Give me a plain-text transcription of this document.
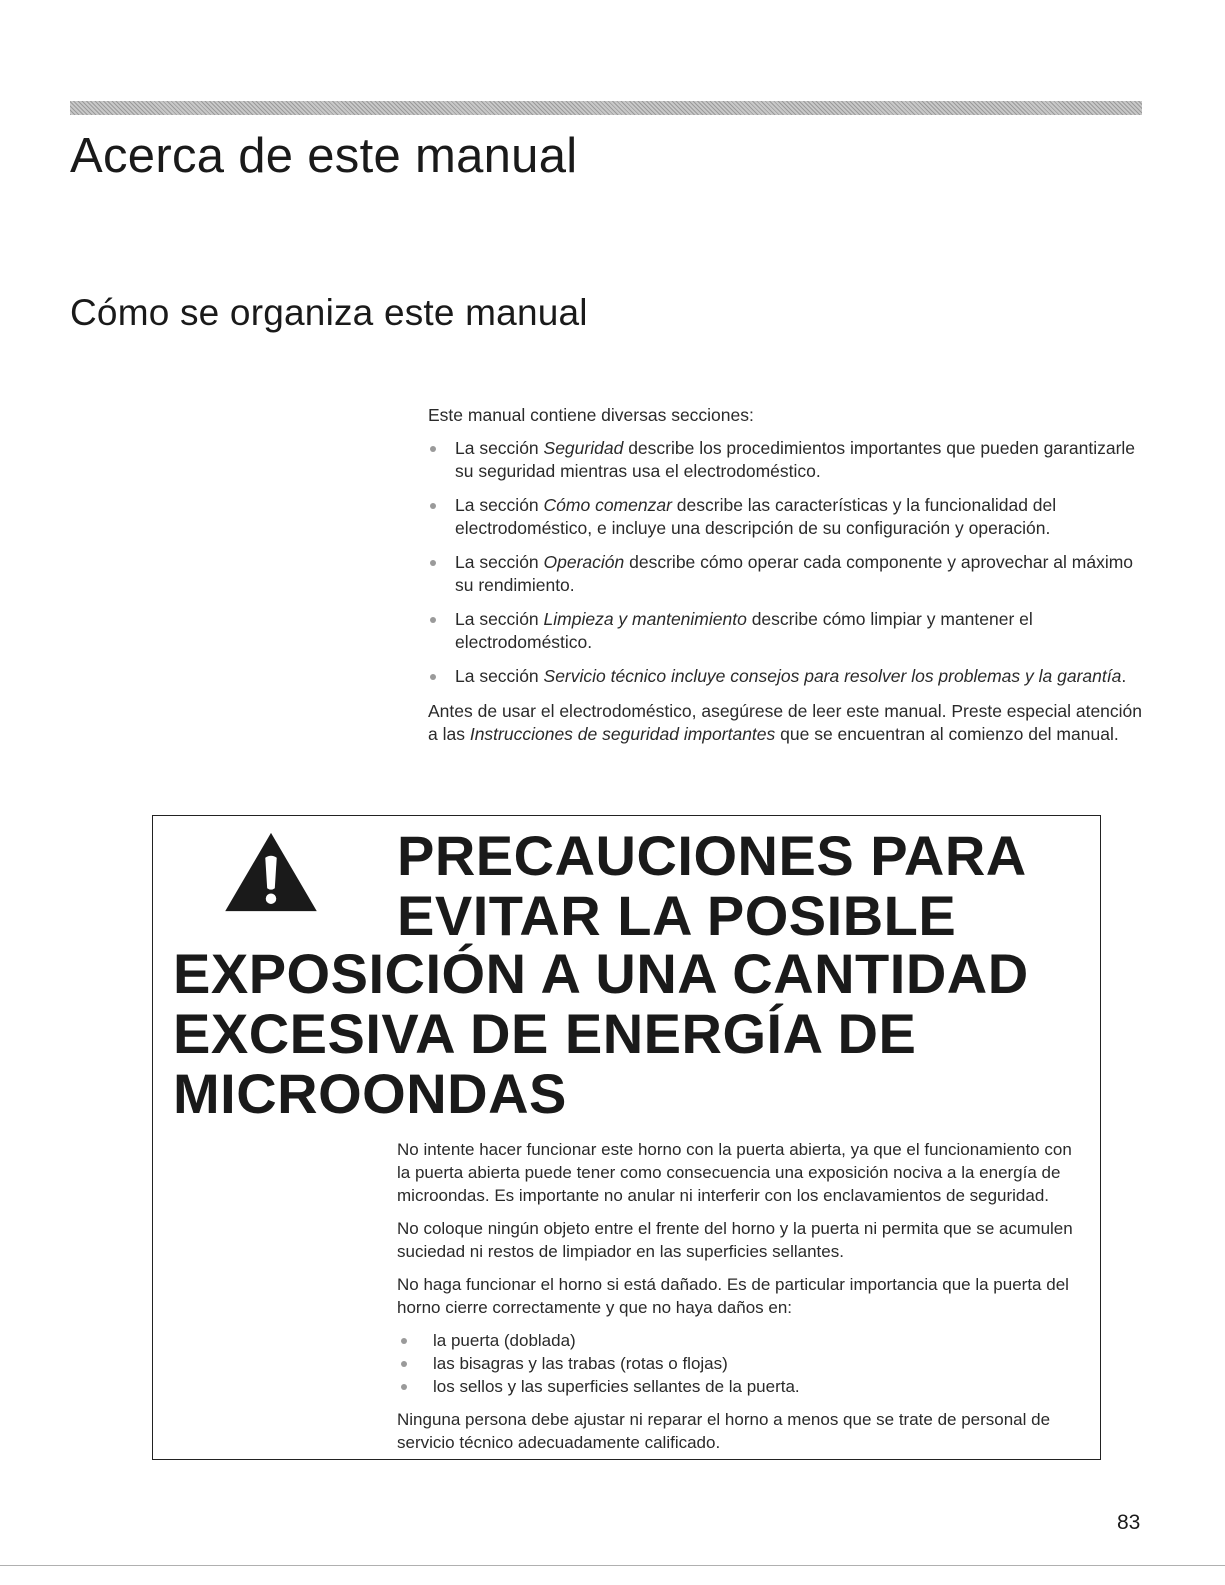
Acerca de este manual
Cómo se organiza este manual

Este manual contiene diversas secciones:

La sección Seguridad describe los procedimientos importantes que pueden garantizarle su seguridad mientras usa el electrodoméstico.
La sección Cómo comenzar describe las características y la funcionalidad del electrodoméstico, e incluye una descripción de su configuración y operación.
La sección Operación describe cómo operar cada componente y aprovechar al máximo su rendimiento.
La sección Limpieza y mantenimiento describe cómo limpiar y mantener el electrodoméstico.
La sección Servicio técnico incluye consejos para resolver los problemas y la garantía.

Antes de usar el electrodoméstico, asegúrese de leer este manual. Preste especial atención a las Instrucciones de seguridad importantes que se encuentran al comienzo del manual.

PRECAUCIONES PARA
EVITAR LA POSIBLE
EXPOSICIÓN A UNA CANTIDAD
EXCESIVA DE ENERGÍA DE
MICROONDAS

No intente hacer funcionar este horno con la puerta abierta, ya que el funcionamiento con la puerta abierta puede tener como consecuencia una exposición nociva a la energía de microondas. Es importante no anular ni interferir con los enclavamientos de seguridad.

No coloque ningún objeto entre el frente del horno y la puerta ni permita que se acumulen suciedad ni restos de limpiador en las superficies sellantes.

No haga funcionar el horno si está dañado. Es de particular importancia que la puerta del horno cierre correctamente y que no haya daños en:

la puerta (doblada)
las bisagras y las trabas (rotas o flojas)
los sellos y las superficies sellantes de la puerta.

Ninguna persona debe ajustar ni reparar el horno a menos que se trate de personal de servicio técnico adecuadamente calificado.

83
